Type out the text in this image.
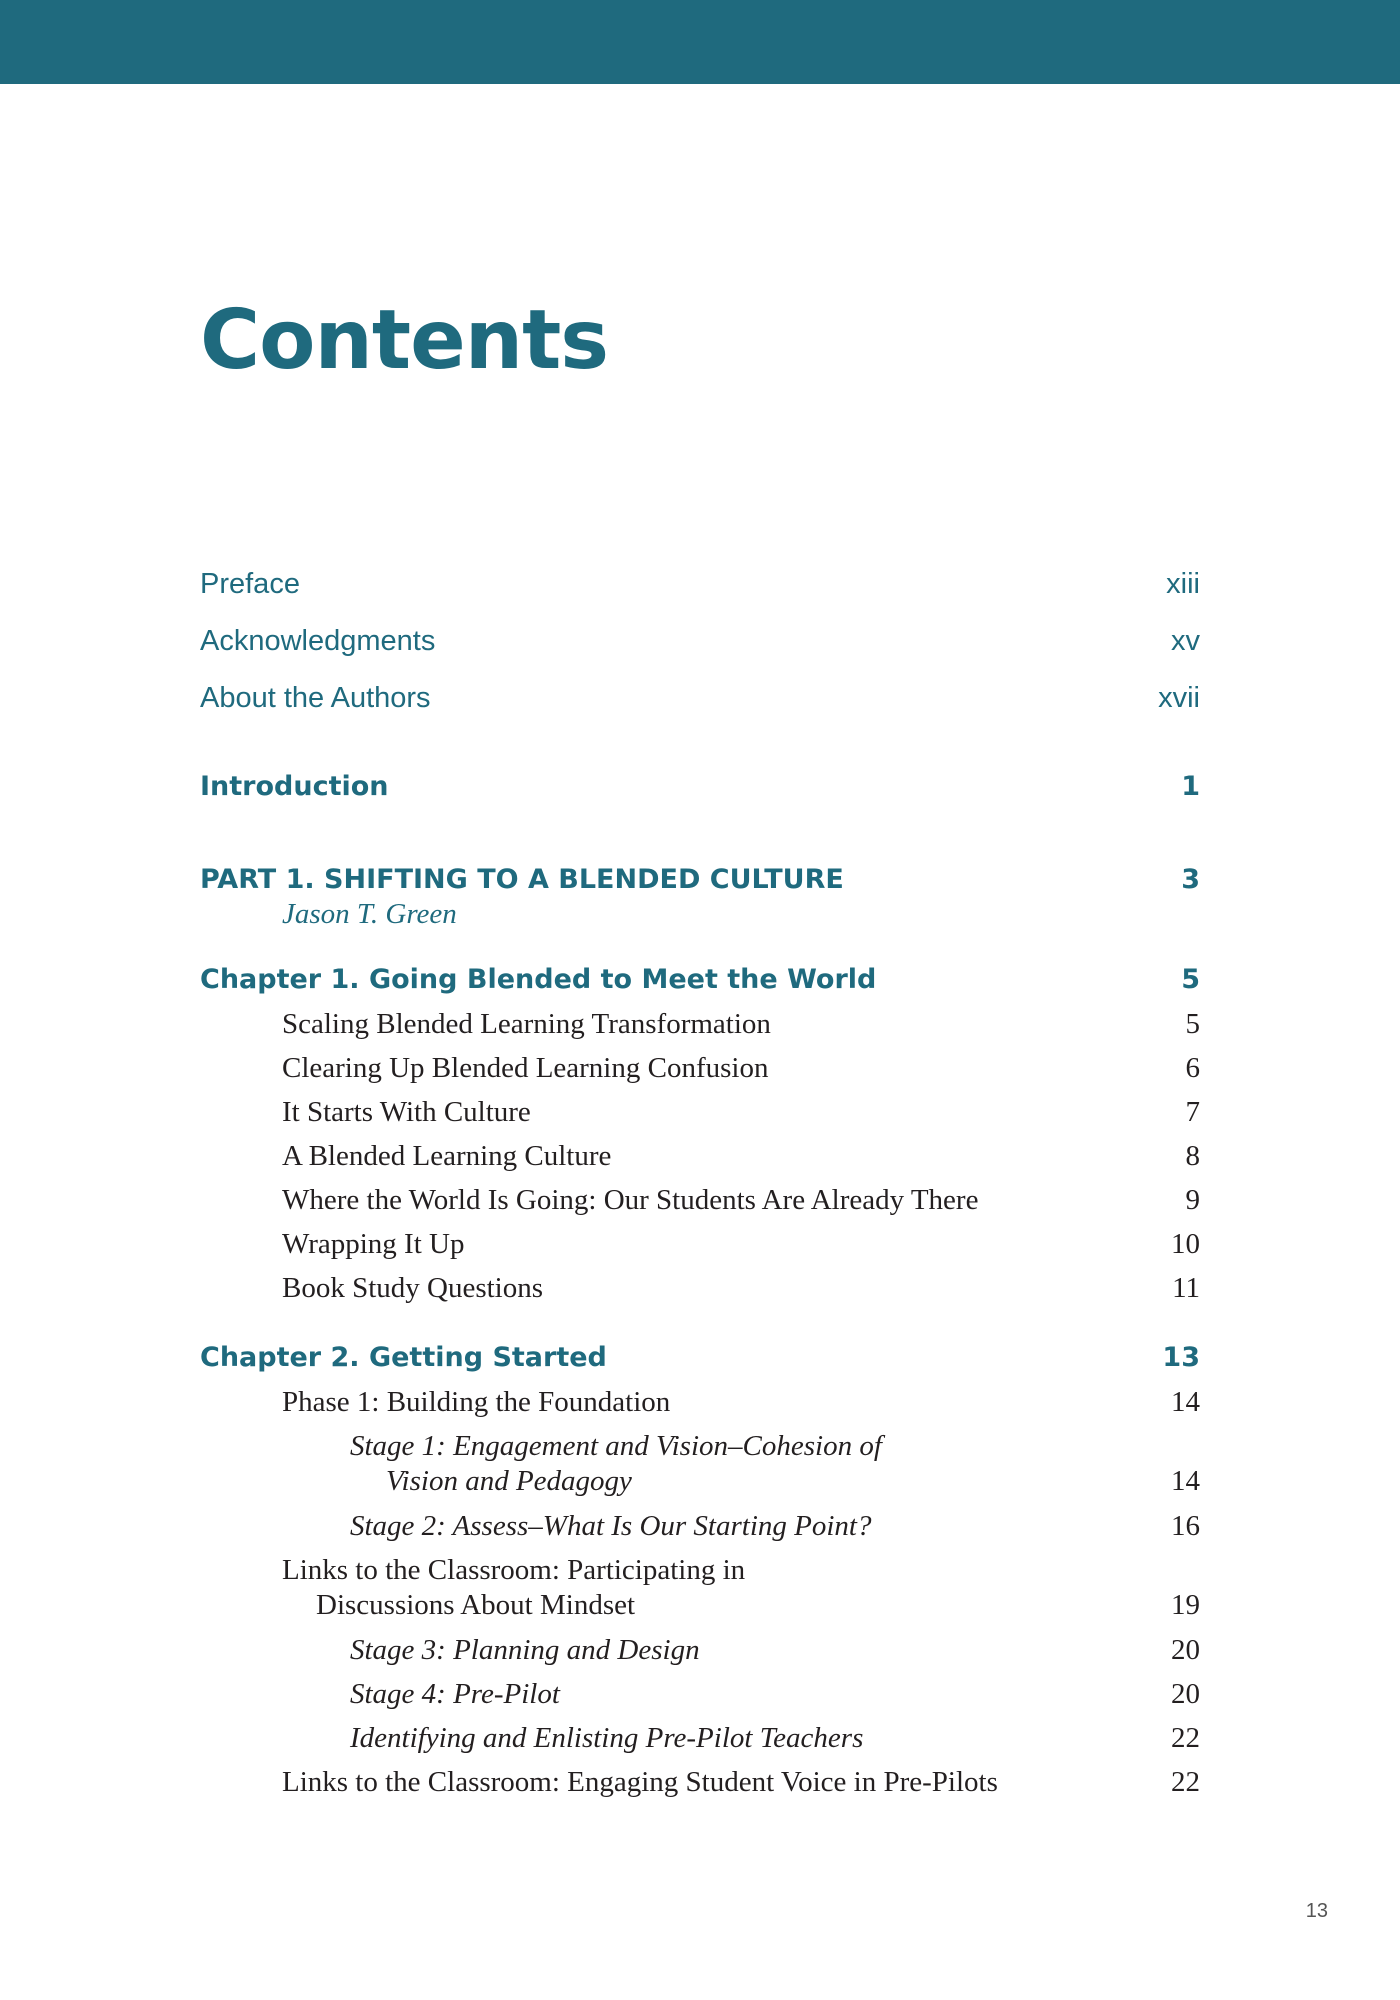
Contents
Preface	xiii
Acknowledgments	xv
About the Authors	xvii
Introduction	1
PART 1. SHIFTING TO A BLENDED CULTURE	3
Jason T. Green
Chapter 1. Going Blended to Meet the World	5
Scaling Blended Learning Transformation	5
Clearing Up Blended Learning Confusion	6
It Starts With Culture	7
A Blended Learning Culture	8
Where the World Is Going: Our Students Are Already There	9
Wrapping It Up	10
Book Study Questions	11
Chapter 2. Getting Started	13
Phase 1: Building the Foundation	14
Stage 1: Engagement and Vision–Cohesion of
Vision and Pedagogy	14
Stage 2: Assess–What Is Our Starting Point?	16
Links to the Classroom: Participating in
Discussions About Mindset	19
Stage 3: Planning and Design	20
Stage 4: Pre-Pilot	20
Identifying and Enlisting Pre-Pilot Teachers	22
Links to the Classroom: Engaging Student Voice in Pre-Pilots	22
13
